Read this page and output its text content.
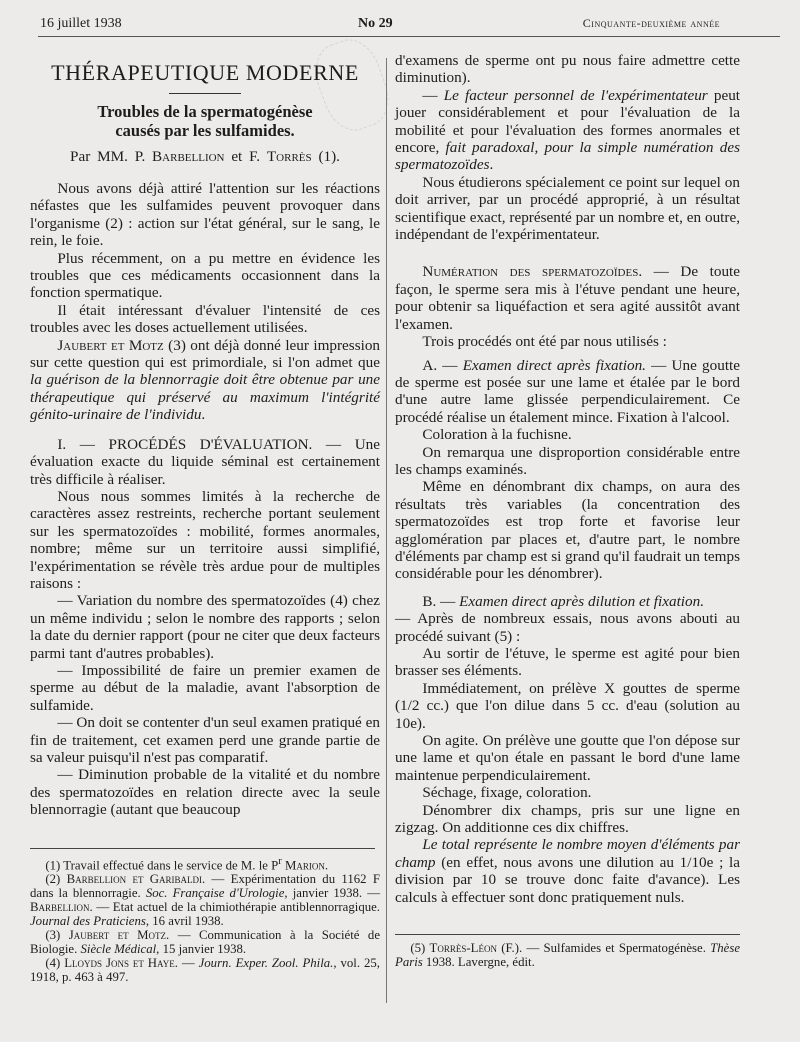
16 juillet 1938	No 29	Cinquante-deuxième année
THÉRAPEUTIQUE MODERNE
Troubles de la spermatogénèse
causés par les sulfamides.
Par MM. P. Barbellion et F. Torrès (1).

Nous avons déjà attiré l'attention sur les réactions néfastes que les sulfamides peuvent provoquer dans l'organisme (2) : action sur l'état général, sur le sang, le rein, le foie.

Plus récemment, on a pu mettre en évidence les troubles que ces médicaments occasionnent dans la fonction spermatique.

Il était intéressant d'évaluer l'intensité de ces troubles avec les doses actuellement utilisées.

Jaubert et Motz (3) ont déjà donné leur impression sur cette question qui est primordiale, si l'on admet que la guérison de la blennorragie doit être obtenue par une thérapeutique qui préservé au maximum l'intégrité génito-urinaire de l'individu.

I. — PROCÉDÉS D'ÉVALUATION. — Une évaluation exacte du liquide séminal est certainement très difficile à réaliser.

Nous nous sommes limités à la recherche de caractères assez restreints, recherche portant seulement sur les spermatozoïdes : mobilité, formes anormales, nombre; même sur un territoire aussi simplifié, l'expérimentation se révèle très ardue pour de multiples raisons :

— Variation du nombre des spermatozoïdes (4) chez un même individu ; selon le nombre des rapports ; selon la date du dernier rapport (pour ne citer que deux facteurs parmi tant d'autres probables).

— Impossibilité de faire un premier examen de sperme au début de la maladie, avant l'absorption de sulfamide.

— On doit se contenter d'un seul examen pratiqué en fin de traitement, cet examen perd une grande partie de sa valeur puisqu'il n'est pas comparatif.

— Diminution probable de la vitalité et du nombre des spermatozoïdes en relation directe avec la seule blennorragie (autant que beaucoup

(1) Travail effectué dans le service de M. le $P^r$ Marion.

(2) Barbellion et Garibaldi. — Expérimentation du 1162 F dans la blennorragie. Soc. Française d'Urologie, janvier 1938. — Barbellion. — Etat actuel de la chimiothérapie antiblennorragique. Journal des Praticiens, 16 avril 1938.

(3) Jaubert et Motz. — Communication à la Société de Biologie. Siècle Médical, 15 janvier 1938.

(4) Lloyds Jons et Haye. — Journ. Exper. Zool. Phila., vol. 25, 1918, p. 463 à 497.

d'examens de sperme ont pu nous faire admettre cette diminution).

— Le facteur personnel de l'expérimentateur peut jouer considérablement et pour l'évaluation de la mobilité et pour l'évaluation des formes anormales et encore, fait paradoxal, pour la simple numération des spermatozoïdes.

Nous étudierons spécialement ce point sur lequel on doit arriver, par un procédé approprié, à un résultat scientifique exact, représenté par un nombre et, en outre, indépendant de l'expérimentateur.

Numération des spermatozoïdes. — De toute façon, le sperme sera mis à l'étuve pendant une heure, pour obtenir sa liquéfaction et sera agité aussitôt avant l'examen.

Trois procédés ont été par nous utilisés :

A. — Examen direct après fixation. — Une goutte de sperme est posée sur une lame et étalée par le bord d'une autre lame glissée perpendiculairement. Ce procédé réalise un étalement mince. Fixation à l'alcool.

Coloration à la fuchisne.

On remarqua une disproportion considérable entre les champs examinés.

Même en dénombrant dix champs, on aura des résultats très variables (la concentration des spermatozoïdes est trop forte et favorise leur agglomération par places et, d'autre part, le nombre d'éléments par champ est si grand qu'il faudrait un temps considérable pour les dénombrer).

B. — Examen direct après dilution et fixation.

— Après de nombreux essais, nous avons abouti au procédé suivant (5) :

Au sortir de l'étuve, le sperme est agité pour bien brasser ses éléments.

Immédiatement, on prélève X gouttes de sperme (1/2 cc.) que l'on dilue dans 5 cc. d'eau (solution au 10e).

On agite. On prélève une goutte que l'on dépose sur une lame et qu'on étale en passant le bord d'une lame maintenue perpendiculairement.

Séchage, fixage, coloration.

Dénombrer dix champs, pris sur une ligne en zigzag. On additionne ces dix chiffres.

Le total représente le nombre moyen d'éléments par champ (en effet, nous avons une dilution au 1/10e ; la division par 10 se trouve donc faite d'avance). Les calculs à effectuer sont donc pratiquement nuls.

(5) Torrès-Léon (F.). — Sulfamides et Spermatogénèse. Thèse Paris 1938. Lavergne, édit.
